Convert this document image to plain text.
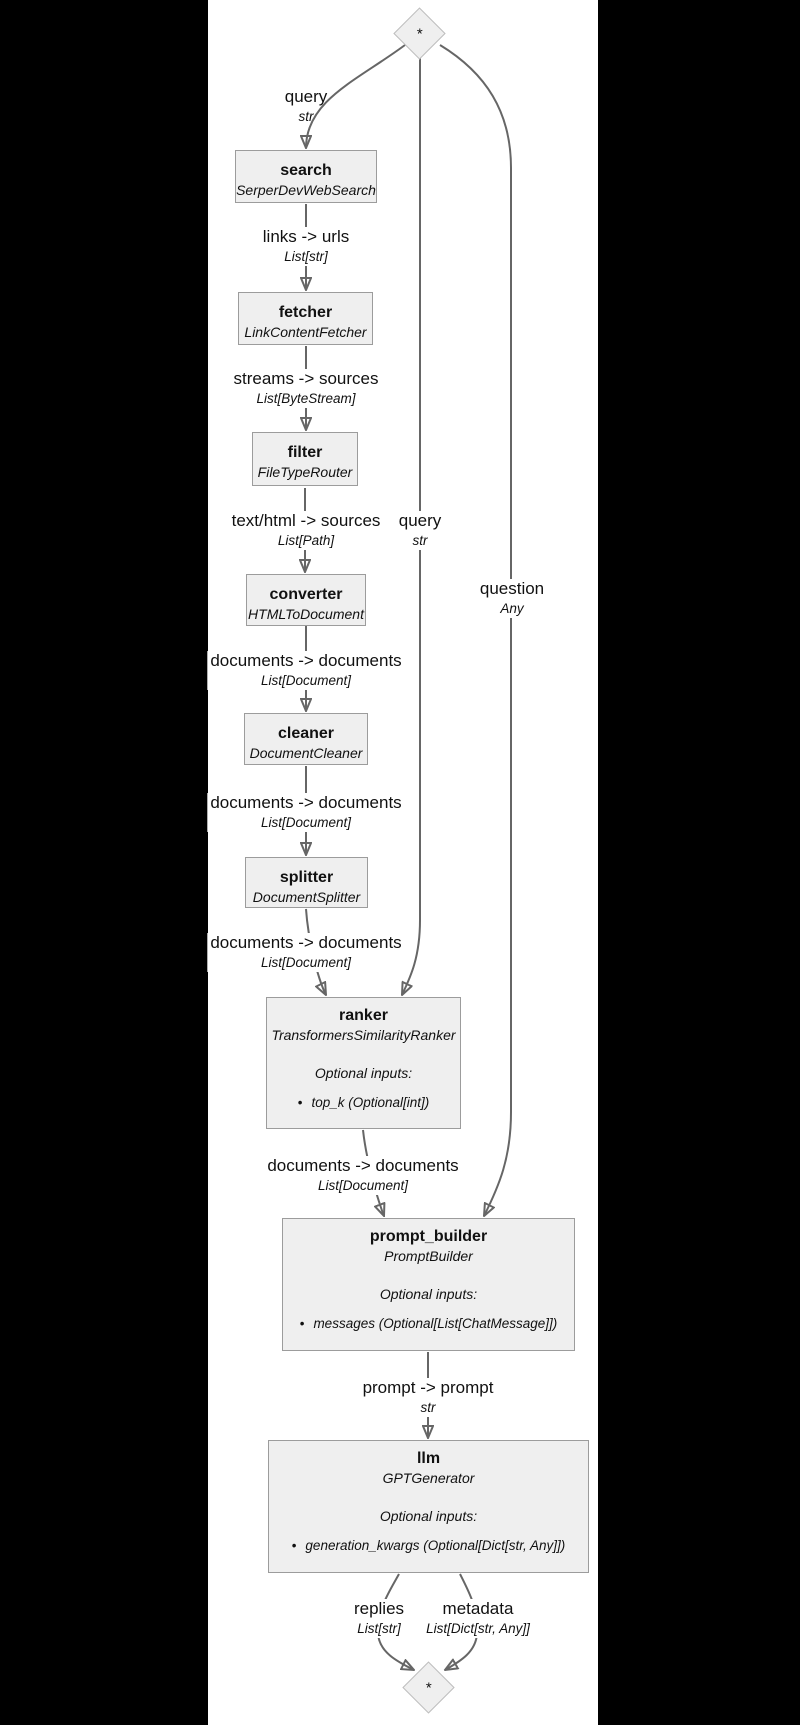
*
*
search
SerperDevWebSearch
fetcher
LinkContentFetcher
filter
FileTypeRouter
converter
HTMLToDocument
cleaner
DocumentCleaner
splitter
DocumentSplitter
ranker
TransformersSimilarityRanker
Optional inputs:
• top_k (Optional[int])
prompt_builder
PromptBuilder
Optional inputs:
• messages (Optional[List[ChatMessage]])
llm
GPTGenerator
Optional inputs:
• generation_kwargs (Optional[Dict[str, Any]])
query
str
links -> urls
List[str]
streams -> sources
List[ByteStream]
text/html -> sources
List[Path]
query
str
question
Any
documents -> documents
List[Document]
documents -> documents
List[Document]
documents -> documents
List[Document]
documents -> documents
List[Document]
prompt -> prompt
str
replies
List[str]
metadata
List[Dict[str, Any]]
